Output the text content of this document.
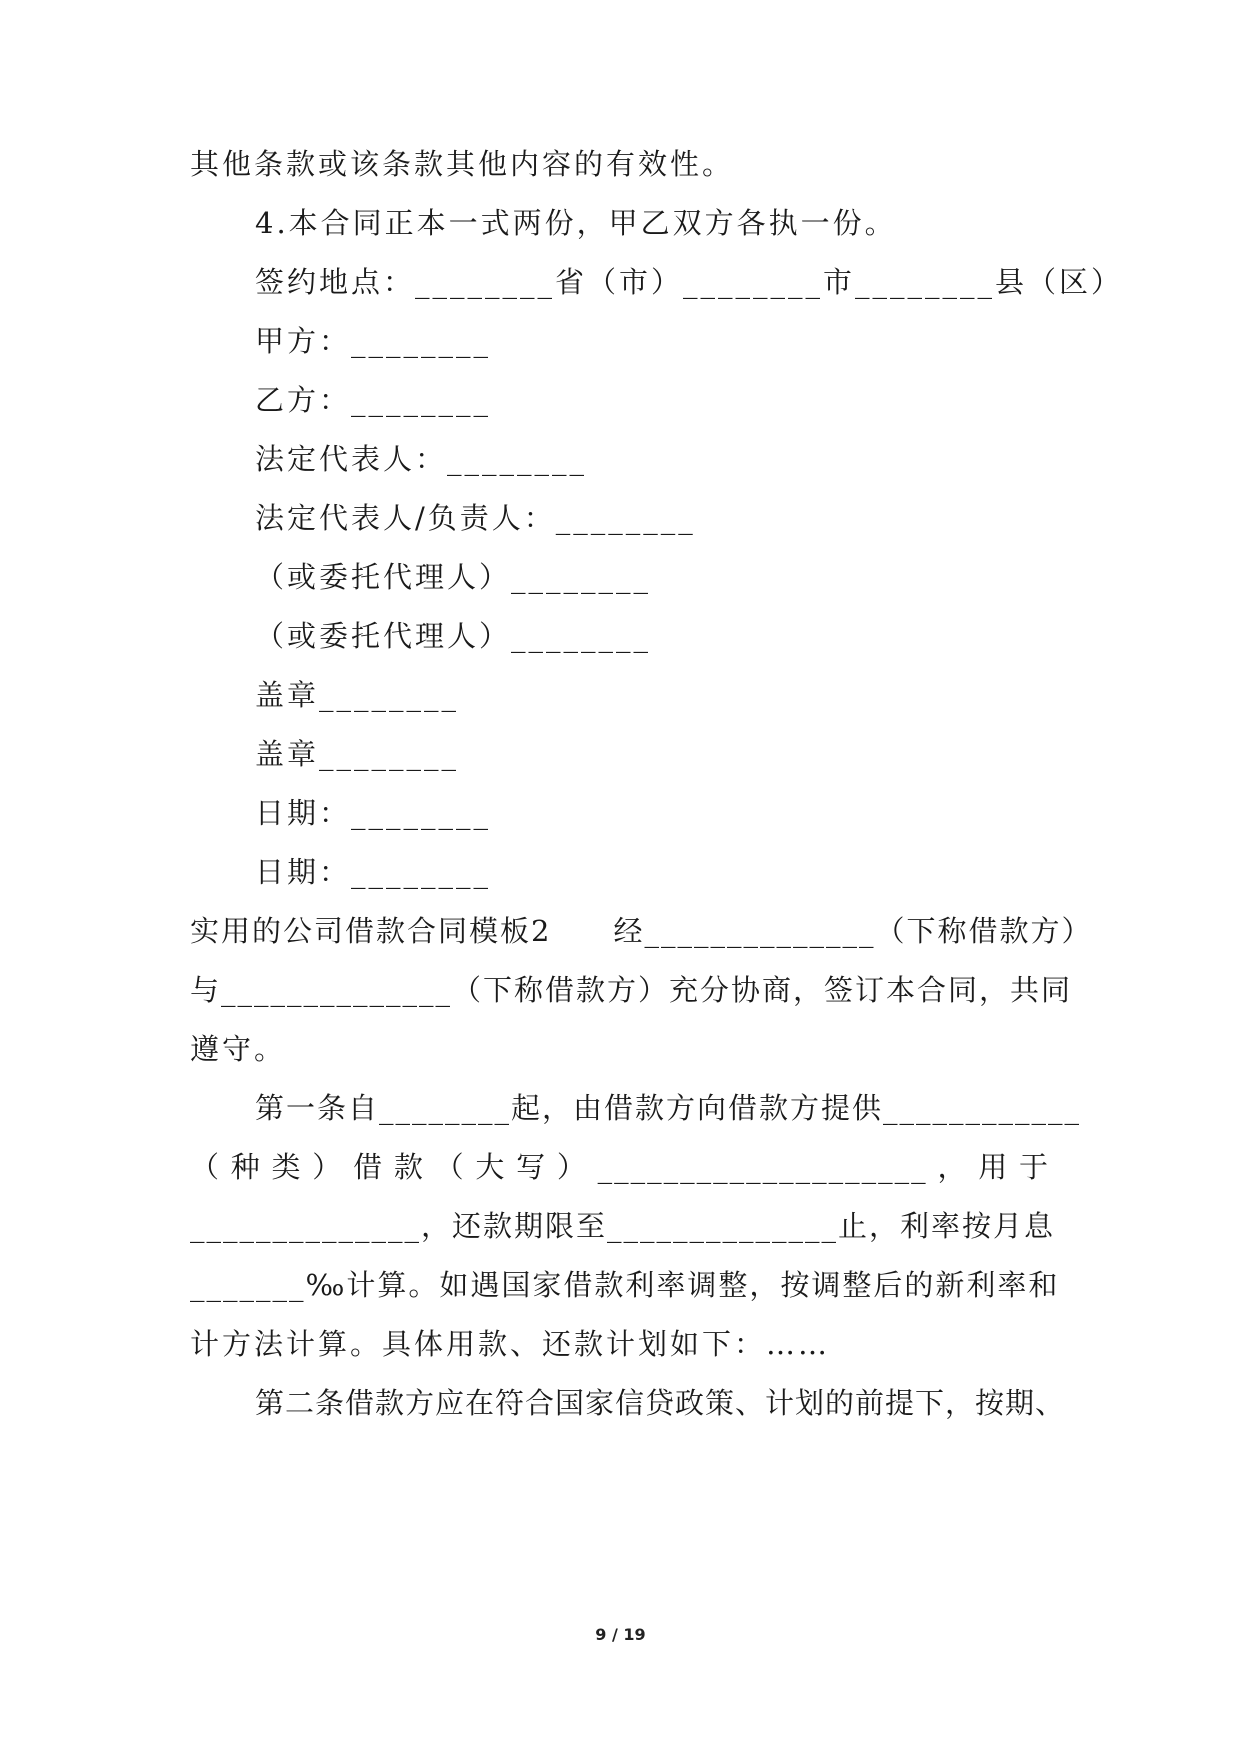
其他条款或该条款其他内容的有效性。
4.本合同正本一式两份，甲乙双方各执一份。
签约地点：________省（市）________市________县（区）
甲方：________
乙方：________
法定代表人：________
法定代表人/负责人：________
（或委托代理人）________
（或委托代理人）________
盖章________
盖章________
日期：________
日期：________
实用的公司借款合同模板2　　经______________（下称借款方）
与______________（下称借款方）充分协商，签订本合同，共同
遵守。
第一条自________起，由借款方向借款方提供____________
（种类）借款（大写）____________________，用于
______________，还款期限至______________止，利率按月息
_______‰计算。如遇国家借款利率调整，按调整后的新利率和
计方法计算。具体用款、还款计划如下：……
第二条借款方应在符合国家信贷政策、计划的前提下，按期、
9 / 19
